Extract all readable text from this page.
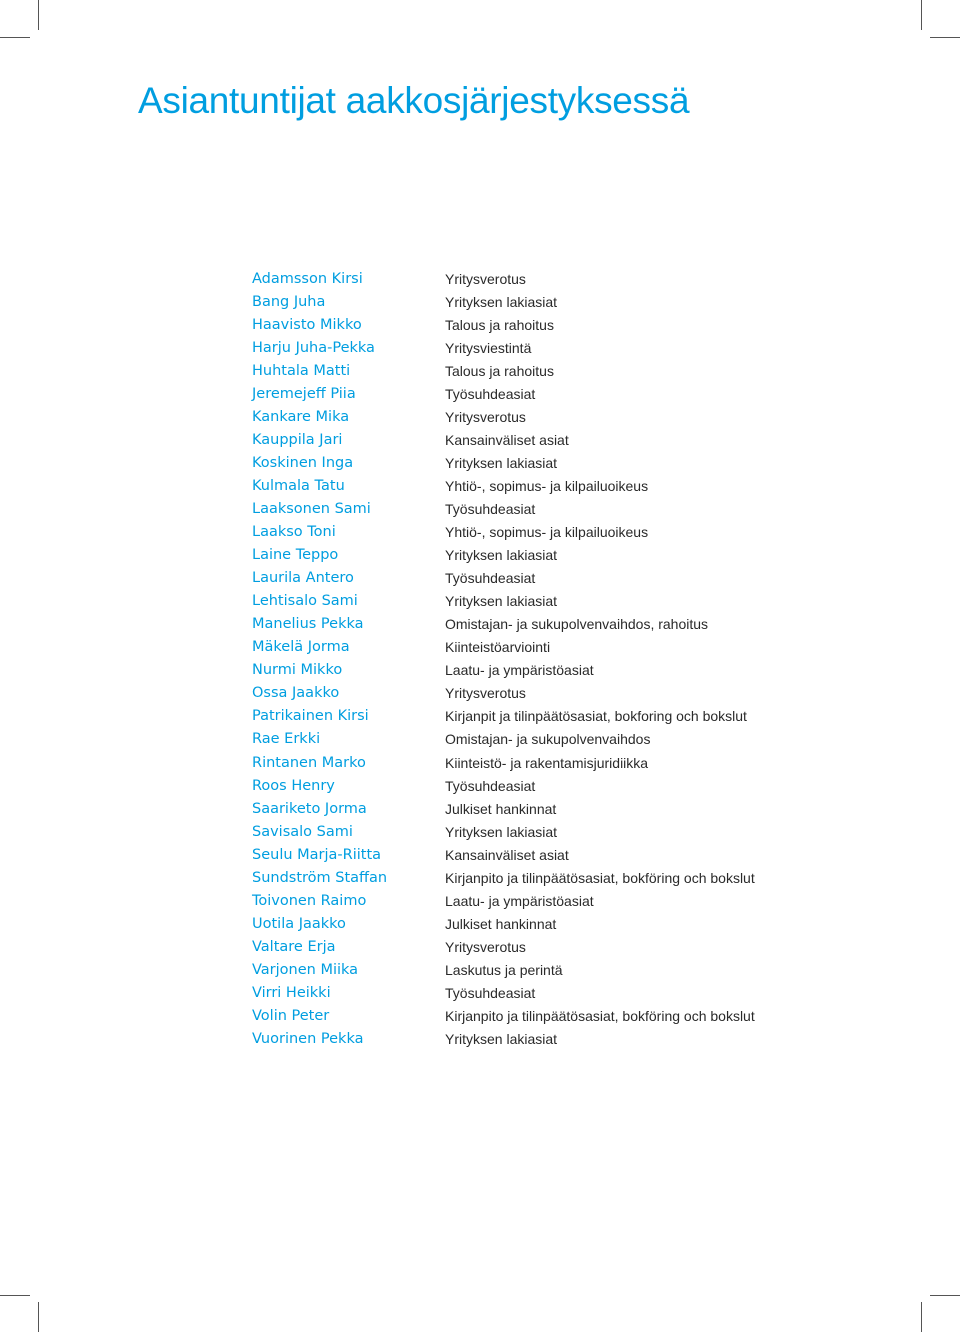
Asiantuntijat aakkosjärjestyksessä
Adamsson Kirsi	Yritysverotus
Bang Juha	Yrityksen lakiasiat
Haavisto Mikko	Talous ja rahoitus
Harju Juha-Pekka	Yritysviestintä
Huhtala Matti	Talous ja rahoitus
Jeremejeff Piia	Työsuhdeasiat
Kankare Mika	Yritysverotus
Kauppila Jari	Kansainväliset asiat
Koskinen Inga	Yrityksen lakiasiat
Kulmala Tatu	Yhtiö-, sopimus- ja kilpailuoikeus
Laaksonen Sami	Työsuhdeasiat
Laakso Toni	Yhtiö-, sopimus- ja kilpailuoikeus
Laine Teppo	Yrityksen lakiasiat
Laurila Antero	Työsuhdeasiat
Lehtisalo Sami	Yrityksen lakiasiat
Manelius Pekka	Omistajan- ja sukupolvenvaihdos, rahoitus
Mäkelä Jorma	Kiinteistöarviointi
Nurmi Mikko	Laatu- ja ympäristöasiat
Ossa Jaakko	Yritysverotus
Patrikainen Kirsi	Kirjanpit ja tilinpäätösasiat, bokforing och bokslut
Rae Erkki	Omistajan- ja sukupolvenvaihdos
Rintanen Marko	Kiinteistö- ja rakentamisjuridiikka
Roos Henry	Työsuhdeasiat
Saariketo Jorma	Julkiset hankinnat
Savisalo Sami	Yrityksen lakiasiat
Seulu Marja-Riitta	Kansainväliset asiat
Sundström Staffan	Kirjanpito ja tilinpäätösasiat, bokföring och bokslut
Toivonen Raimo	Laatu- ja ympäristöasiat
Uotila Jaakko	Julkiset hankinnat
Valtare Erja	Yritysverotus
Varjonen Miika	Laskutus ja perintä
Virri Heikki	Työsuhdeasiat
Volin Peter	Kirjanpito ja tilinpäätösasiat, bokföring och bokslut
Vuorinen Pekka	Yrityksen lakiasiat
